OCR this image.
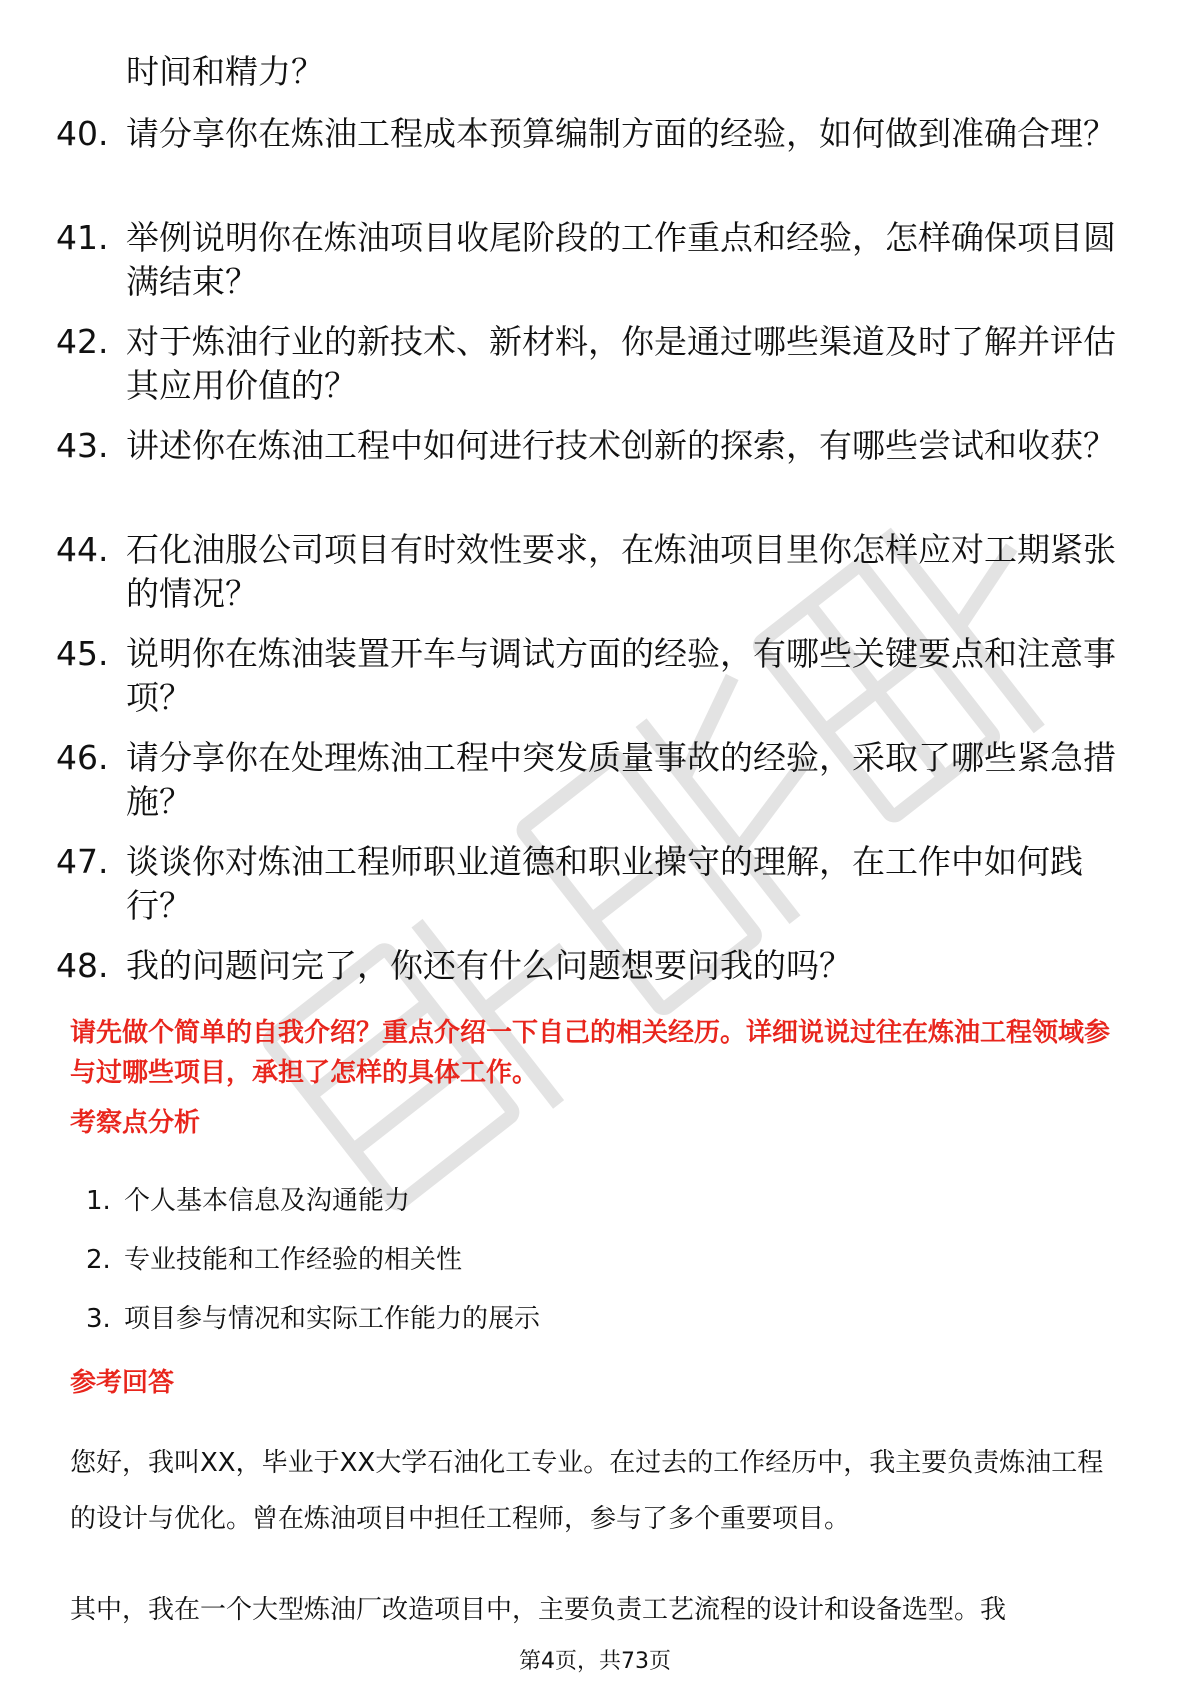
时间和精力？
40. 请分享你在炼油工程成本预算编制方面的经验，如何做到准确合理？
41. 举例说明你在炼油项目收尾阶段的工作重点和经验，怎样确保项目圆满结束？
42. 对于炼油行业的新技术、新材料，你是通过哪些渠道及时了解并评估其应用价值的？
43. 讲述你在炼油工程中如何进行技术创新的探索，有哪些尝试和收获？
44. 石化油服公司项目有时效性要求，在炼油项目里你怎样应对工期紧张的情况？
45. 说明你在炼油装置开车与调试方面的经验，有哪些关键要点和注意事项？
46. 请分享你在处理炼油工程中突发质量事故的经验，采取了哪些紧急措施？
47. 谈谈你对炼油工程师职业道德和职业操守的理解，在工作中如何践行？
48. 我的问题问完了，你还有什么问题想要问我的吗？
请先做个简单的自我介绍？重点介绍一下自己的相关经历。详细说说过往在炼油工程领域参与过哪些项目，承担了怎样的具体工作。
考察点分析
1. 个人基本信息及沟通能力
2. 专业技能和工作经验的相关性
3. 项目参与情况和实际工作能力的展示
参考回答
您好，我叫XX，毕业于XX大学石油化工专业。在过去的工作经历中，我主要负责炼油工程的设计与优化。曾在炼油项目中担任工程师，参与了多个重要项目。
其中，我在一个大型炼油厂改造项目中，主要负责工艺流程的设计和设备选型。我
第4页，共73页
